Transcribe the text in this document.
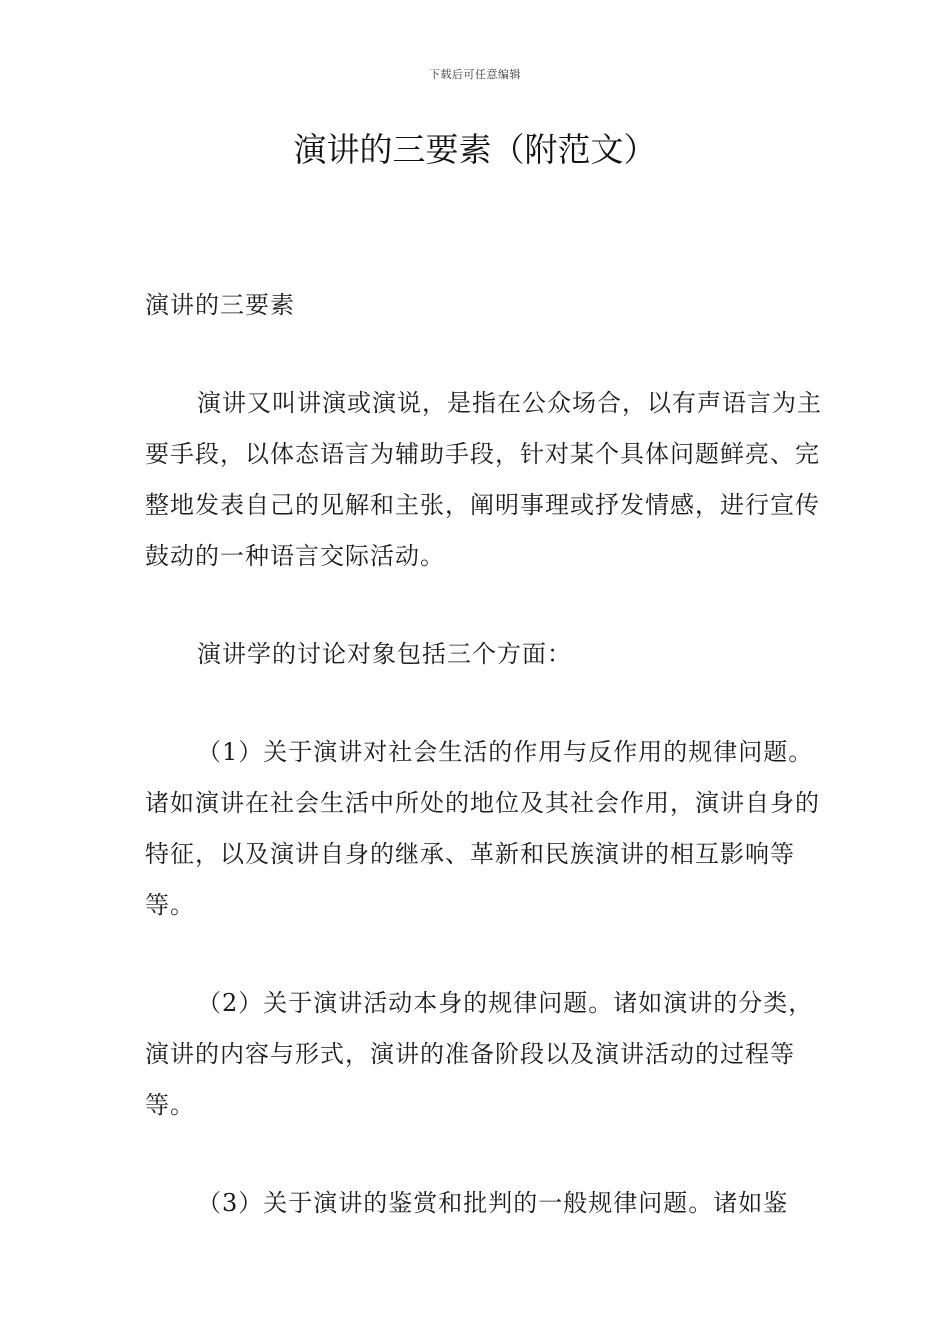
下载后可任意编辑
演讲的三要素（附范文）

演讲的三要素

演讲又叫讲演或演说，是指在公众场合，以有声语言为主要手段，以体态语言为辅助手段，针对某个具体问题鲜亮、完整地发表自己的见解和主张，阐明事理或抒发情感，进行宣传鼓动的一种语言交际活动。

演讲学的讨论对象包括三个方面：

（1）关于演讲对社会生活的作用与反作用的规律问题。诸如演讲在社会生活中所处的地位及其社会作用，演讲自身的特征，以及演讲自身的继承、革新和民族演讲的相互影响等等。

（2）关于演讲活动本身的规律问题。诸如演讲的分类，演讲的内容与形式，演讲的准备阶段以及演讲活动的过程等等。

（3）关于演讲的鉴赏和批判的一般规律问题。诸如鉴
